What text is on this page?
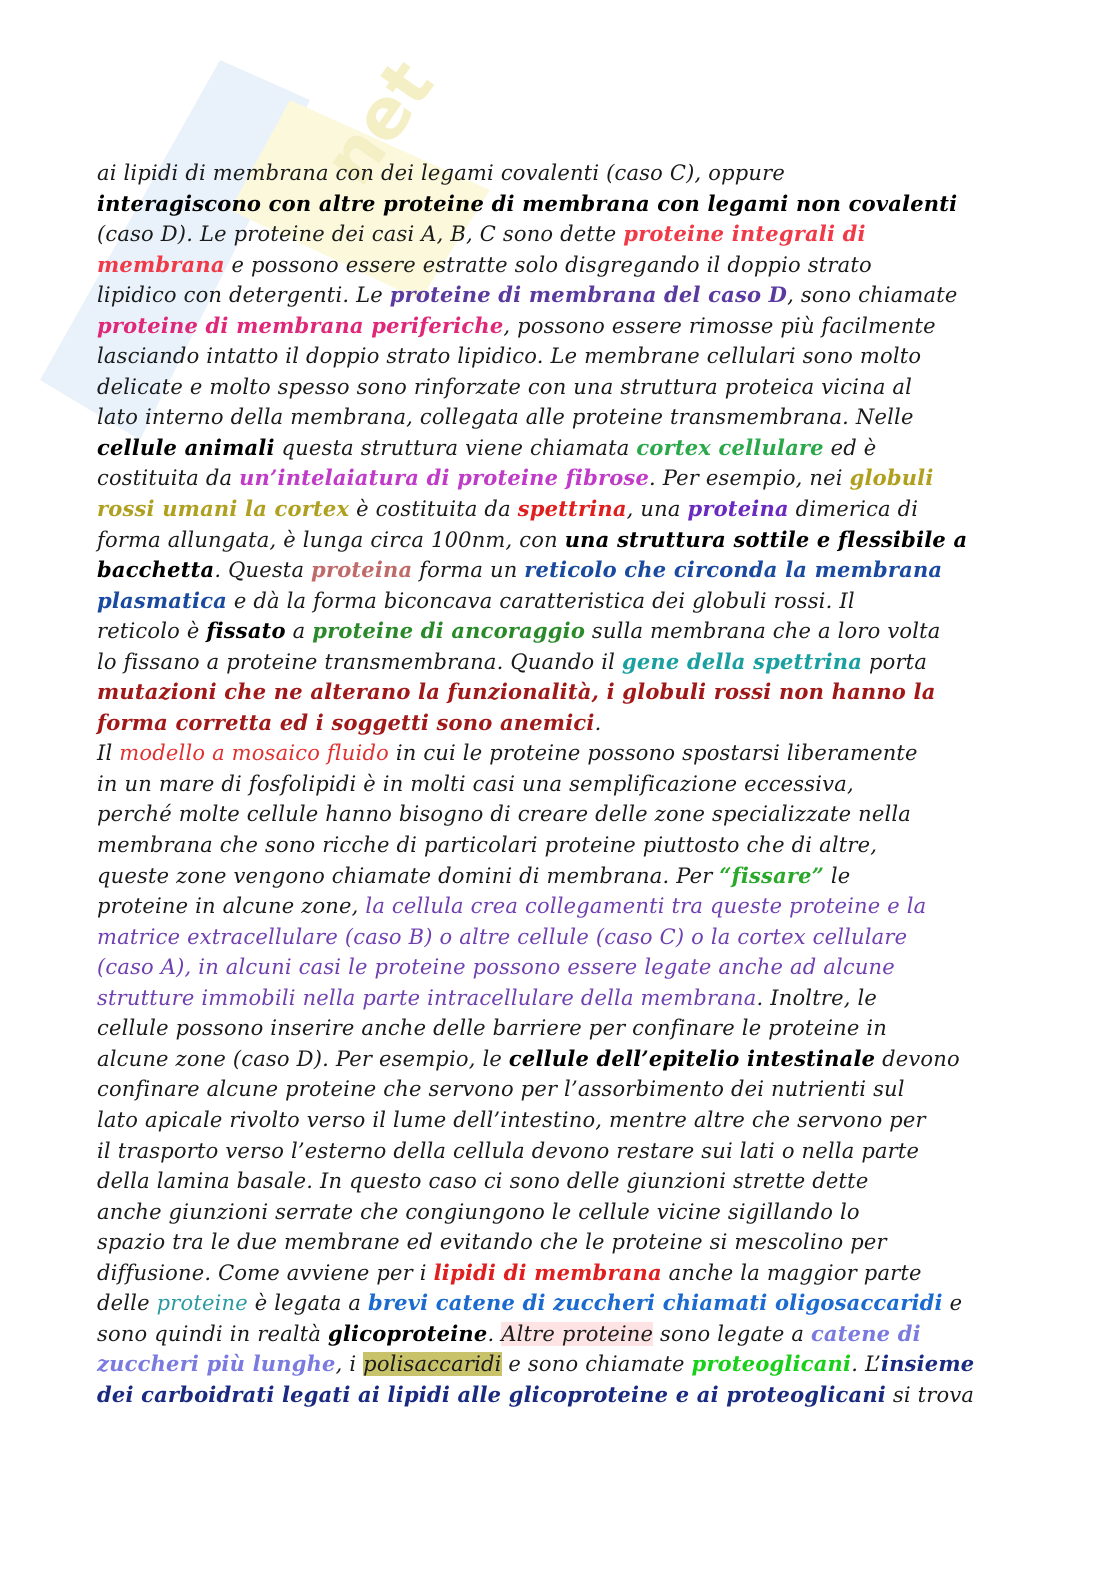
net
ai lipidi di membrana con dei legami covalenti (caso C), oppure
interagiscono con altre proteine di membrana con legami non covalenti
(caso D). Le proteine dei casi A, B, C sono dette proteine integrali di
membrana e possono essere estratte solo disgregando il doppio strato
lipidico con detergenti. Le proteine di membrana del caso D, sono chiamate
proteine di membrana periferiche, possono essere rimosse più facilmente
lasciando intatto il doppio strato lipidico. Le membrane cellulari sono molto
delicate e molto spesso sono rinforzate con una struttura proteica vicina al
lato interno della membrana, collegata alle proteine transmembrana. Nelle
cellule animali questa struttura viene chiamata cortex cellulare ed è
costituita da un’intelaiatura di proteine fibrose. Per esempio, nei globuli
rossi umani la cortex è costituita da spettrina, una proteina dimerica di
forma allungata, è lunga circa 100nm, con una struttura sottile e flessibile a
bacchetta. Questa proteina forma un reticolo che circonda la membrana
plasmatica e dà la forma biconcava caratteristica dei globuli rossi. Il
reticolo è fissato a proteine di ancoraggio sulla membrana che a loro volta
lo fissano a proteine transmembrana. Quando il gene della spettrina porta
mutazioni che ne alterano la funzionalità, i globuli rossi non hanno la
forma corretta ed i soggetti sono anemici.
Il modello a mosaico fluido in cui le proteine possono spostarsi liberamente
in un mare di fosfolipidi è in molti casi una semplificazione eccessiva,
perché molte cellule hanno bisogno di creare delle zone specializzate nella
membrana che sono ricche di particolari proteine piuttosto che di altre,
queste zone vengono chiamate domini di membrana. Per “fissare” le
proteine in alcune zone, la cellula crea collegamenti tra queste proteine e la
matrice extracellulare (caso B) o altre cellule (caso C) o la cortex cellulare
(caso A), in alcuni casi le proteine possono essere legate anche ad alcune
strutture immobili nella parte intracellulare della membrana. Inoltre, le
cellule possono inserire anche delle barriere per confinare le proteine in
alcune zone (caso D). Per esempio, le cellule dell’epitelio intestinale devono
confinare alcune proteine che servono per l’assorbimento dei nutrienti sul
lato apicale rivolto verso il lume dell’intestino, mentre altre che servono per
il trasporto verso l’esterno della cellula devono restare sui lati o nella parte
della lamina basale. In questo caso ci sono delle giunzioni strette dette
anche giunzioni serrate che congiungono le cellule vicine sigillando lo
spazio tra le due membrane ed evitando che le proteine si mescolino per
diffusione. Come avviene per i lipidi di membrana anche la maggior parte
delle proteine è legata a brevi catene di zuccheri chiamati oligosaccaridi e
sono quindi in realtà glicoproteine. Altre proteine sono legate a catene di
zuccheri più lunghe, i polisaccaridi e sono chiamate proteoglicani. L’insieme
dei carboidrati legati ai lipidi alle glicoproteine e ai proteoglicani si trova
